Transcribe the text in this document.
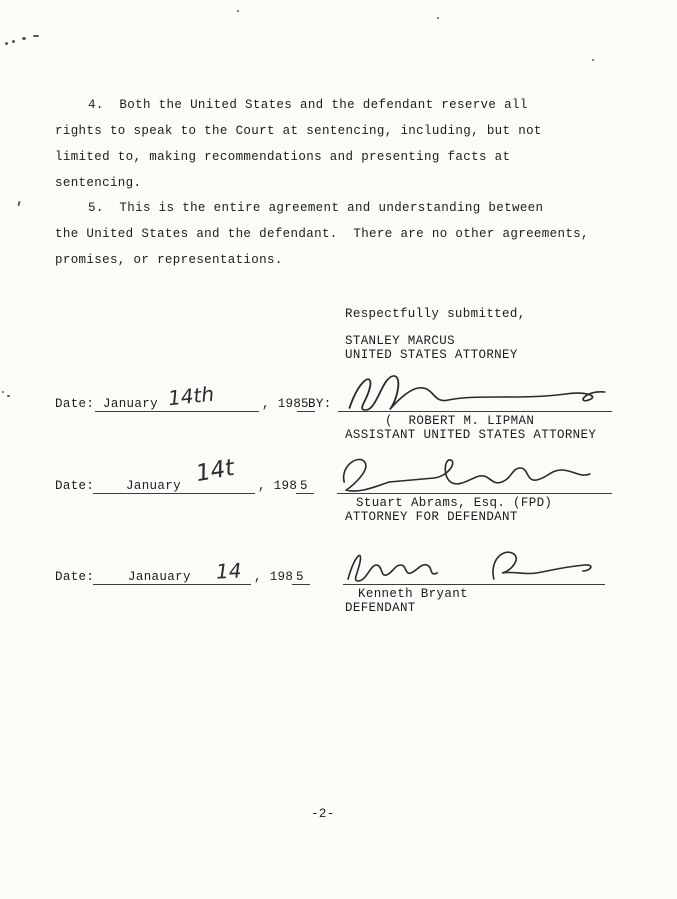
4.  Both the United States and the defendant reserve all
rights to speak to the Court at sentencing, including, but not
limited to, making recommendations and presenting facts at
sentencing.
5.  This is the entire agreement and understanding between
the United States and the defendant.  There are no other agreements,
promises, or representations.
Respectfully submitted,
STANLEY MARCUS
UNITED STATES ATTORNEY
Date: January 14th	, 198 5 BY:
(  ROBERT M. LIPMAN
ASSISTANT UNITED STATES ATTORNEY
Date:	January 14t , 198 5
Stuart Abrams, Esq. (FPD)
ATTORNEY FOR DEFENDANT
Date:	Janauary 14 , 198 5
Kenneth Bryant
DEFENDANT
-2-
